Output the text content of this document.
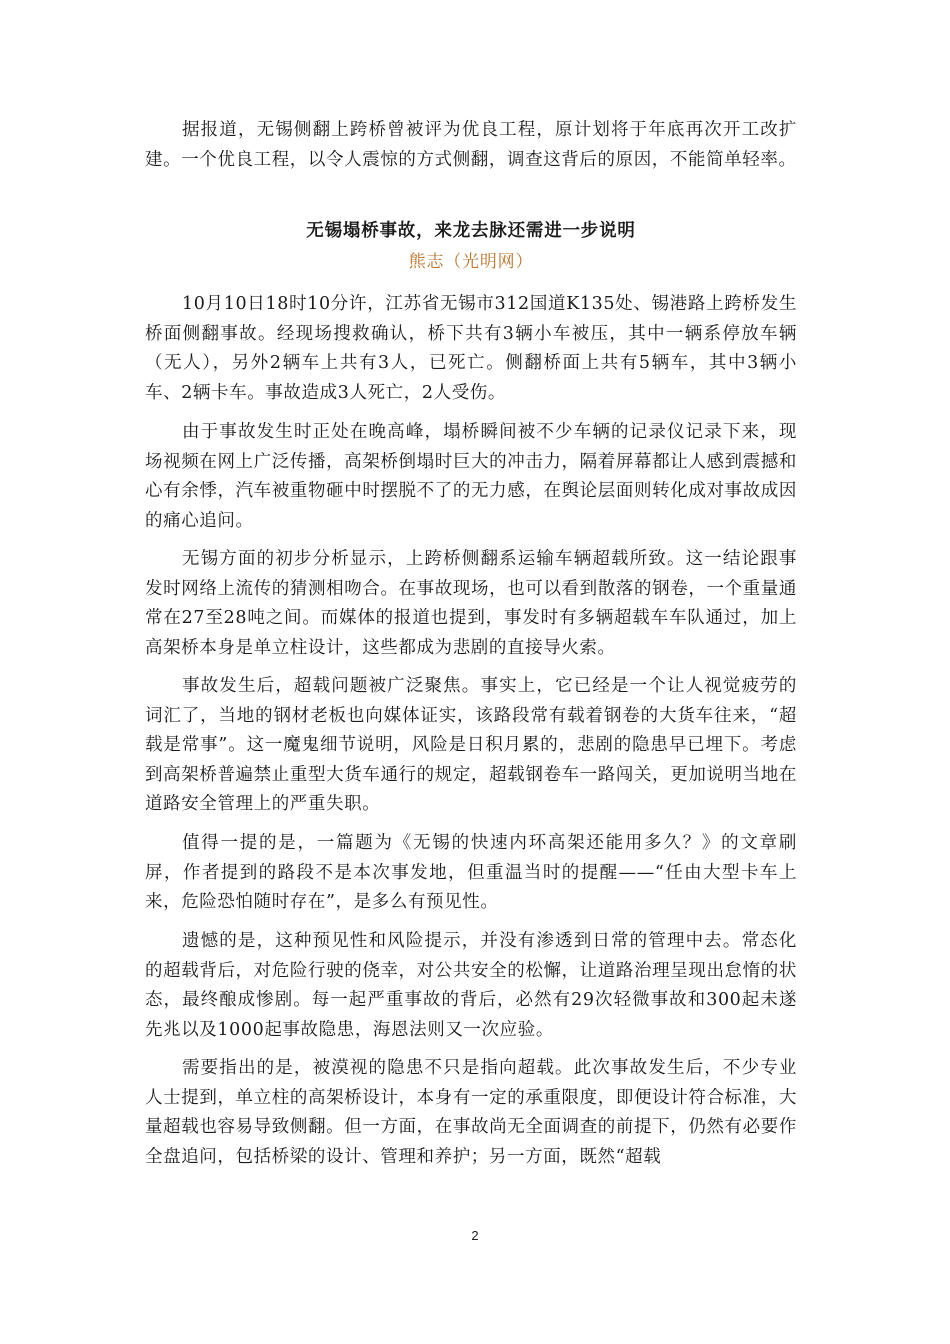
据报道，无锡侧翻上跨桥曾被评为优良工程，原计划将于年底再次开工改扩建。一个优良工程，以令人震惊的方式侧翻，调查这背后的原因，不能简单轻率。

无锡塌桥事故，来龙去脉还需进一步说明
熊志（光明网）

10月10日18时10分许，江苏省无锡市312国道K135处、锡港路上跨桥发生桥面侧翻事故。经现场搜救确认，桥下共有3辆小车被压，其中一辆系停放车辆（无人），另外2辆车上共有3人，已死亡。侧翻桥面上共有5辆车，其中3辆小车、2辆卡车。事故造成3人死亡，2人受伤。

由于事故发生时正处在晚高峰，塌桥瞬间被不少车辆的记录仪记录下来，现场视频在网上广泛传播，高架桥倒塌时巨大的冲击力，隔着屏幕都让人感到震撼和心有余悸，汽车被重物砸中时摆脱不了的无力感，在舆论层面则转化成对事故成因的痛心追问。

无锡方面的初步分析显示，上跨桥侧翻系运输车辆超载所致。这一结论跟事发时网络上流传的猜测相吻合。在事故现场，也可以看到散落的钢卷，一个重量通常在27至28吨之间。而媒体的报道也提到，事发时有多辆超载车车队通过，加上高架桥本身是单立柱设计，这些都成为悲剧的直接导火索。

事故发生后，超载问题被广泛聚焦。事实上，它已经是一个让人视觉疲劳的词汇了，当地的钢材老板也向媒体证实，该路段常有载着钢卷的大货车往来，“超载是常事”。这一魔鬼细节说明，风险是日积月累的，悲剧的隐患早已埋下。考虑到高架桥普遍禁止重型大货车通行的规定，超载钢卷车一路闯关，更加说明当地在道路安全管理上的严重失职。

值得一提的是，一篇题为《无锡的快速内环高架还能用多久？》的文章刷屏，作者提到的路段不是本次事发地，但重温当时的提醒——“任由大型卡车上来，危险恐怕随时存在”，是多么有预见性。

遗憾的是，这种预见性和风险提示，并没有渗透到日常的管理中去。常态化的超载背后，对危险行驶的侥幸，对公共安全的松懈，让道路治理呈现出怠惰的状态，最终酿成惨剧。每一起严重事故的背后，必然有29次轻微事故和300起未遂先兆以及1000起事故隐患，海恩法则又一次应验。

需要指出的是，被漠视的隐患不只是指向超载。此次事故发生后，不少专业人士提到，单立柱的高架桥设计，本身有一定的承重限度，即便设计符合标准，大量超载也容易导致侧翻。但一方面，在事故尚无全面调查的前提下，仍然有必要作全盘追问，包括桥梁的设计、管理和养护；另一方面，既然“超载

2
